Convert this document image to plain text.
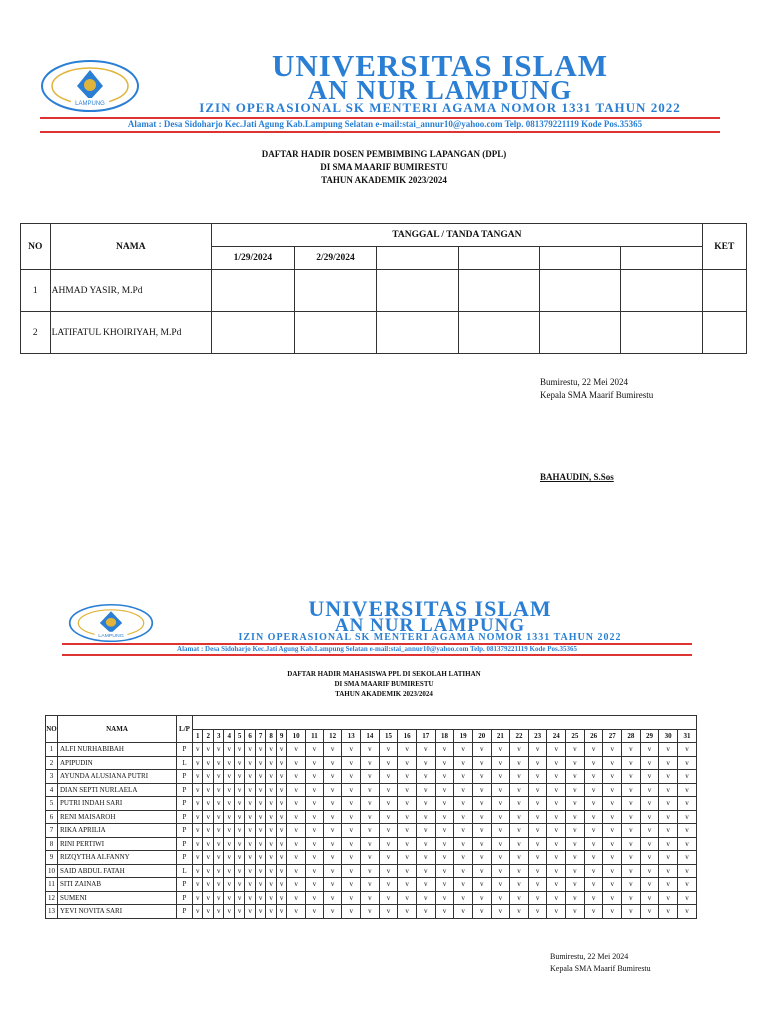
LAMPUNG
UNIVERSITAS ISLAM
AN NUR LAMPUNG
IZIN OPERASIONAL SK MENTERI AGAMA NOMOR 1331 TAHUN 2022
Alamat : Desa Sidoharjo Kec.Jati Agung Kab.Lampung Selatan e-mail:stai_annur10@yahoo.com Telp. 081379221119 Kode Pos.35365
DAFTAR HADIR DOSEN PEMBIMBING LAPANGAN (DPL)
DI SMA MAARIF BUMIRESTU
TAHUN AKADEMIK 2023/2024
NO	NAMA	TANGGAL / TANDA TANGAN						KET
		1/29/2024	2/29/2024					
1	AHMAD YASIR, M.Pd							
2	LATIFATUL KHOIRIYAH, M.Pd							
Bumirestu, 22 Mei 2024
Kepala SMA Maarif Bumirestu
BAHAUDIN, S.Sos
LAMPUNG
UNIVERSITAS ISLAM
AN NUR LAMPUNG
IZIN OPERASIONAL SK MENTERI AGAMA NOMOR 1331 TAHUN 2022
Alamat : Desa Sidoharjo Kec.Jati Agung Kab.Lampung Selatan e-mail:stai_annur10@yahoo.com Telp. 081379221119 Kode Pos.35365
DAFTAR HADIR MAHASISWA PPL DI SEKOLAH LATIHAN
DI SMA MAARIF BUMIRESTU
TAHUN AKADEMIK 2023/2024
NO	NAMA	L/P																															
			1	2	3	4	5	6	7	8	9	10	11	12	13	14	15	16	17	18	19	20	21	22	23	24	25	26	27	28	29	30	31
1	ALFI NURHABIBAH	P	v	v	v	v	v	v	v	v	v	v	v	v	v	v	v	v	v	v	v	v	v	v	v	v	v	v	v	v	v	v	v
2	APIPUDIN	L	v	v	v	v	v	v	v	v	v	v	v	v	v	v	v	v	v	v	v	v	v	v	v	v	v	v	v	v	v	v	v
3	AYUNDA ALUSIANA PUTRI	P	v	v	v	v	v	v	v	v	v	v	v	v	v	v	v	v	v	v	v	v	v	v	v	v	v	v	v	v	v	v	v
4	DIAN SEPTI NURLAELA	P	v	v	v	v	v	v	v	v	v	v	v	v	v	v	v	v	v	v	v	v	v	v	v	v	v	v	v	v	v	v	v
5	PUTRI INDAH SARI	P	v	v	v	v	v	v	v	v	v	v	v	v	v	v	v	v	v	v	v	v	v	v	v	v	v	v	v	v	v	v	v
6	RENI MAISAROH	P	v	v	v	v	v	v	v	v	v	v	v	v	v	v	v	v	v	v	v	v	v	v	v	v	v	v	v	v	v	v	v
7	RIKA APRILIA	P	v	v	v	v	v	v	v	v	v	v	v	v	v	v	v	v	v	v	v	v	v	v	v	v	v	v	v	v	v	v	v
8	RINI PERTIWI	P	v	v	v	v	v	v	v	v	v	v	v	v	v	v	v	v	v	v	v	v	v	v	v	v	v	v	v	v	v	v	v
9	RIZQYTHA ALFANNY	P	v	v	v	v	v	v	v	v	v	v	v	v	v	v	v	v	v	v	v	v	v	v	v	v	v	v	v	v	v	v	v
10	SAID ABDUL FATAH	L	v	v	v	v	v	v	v	v	v	v	v	v	v	v	v	v	v	v	v	v	v	v	v	v	v	v	v	v	v	v	v
11	SITI ZAINAB	P	v	v	v	v	v	v	v	v	v	v	v	v	v	v	v	v	v	v	v	v	v	v	v	v	v	v	v	v	v	v	v
12	SUMENI	P	v	v	v	v	v	v	v	v	v	v	v	v	v	v	v	v	v	v	v	v	v	v	v	v	v	v	v	v	v	v	v
13	YEVI NOVITA SARI	P	v	v	v	v	v	v	v	v	v	v	v	v	v	v	v	v	v	v	v	v	v	v	v	v	v	v	v	v	v	v	v
Bumirestu, 22 Mei 2024
Kepala SMA Maarif Bumirestu
